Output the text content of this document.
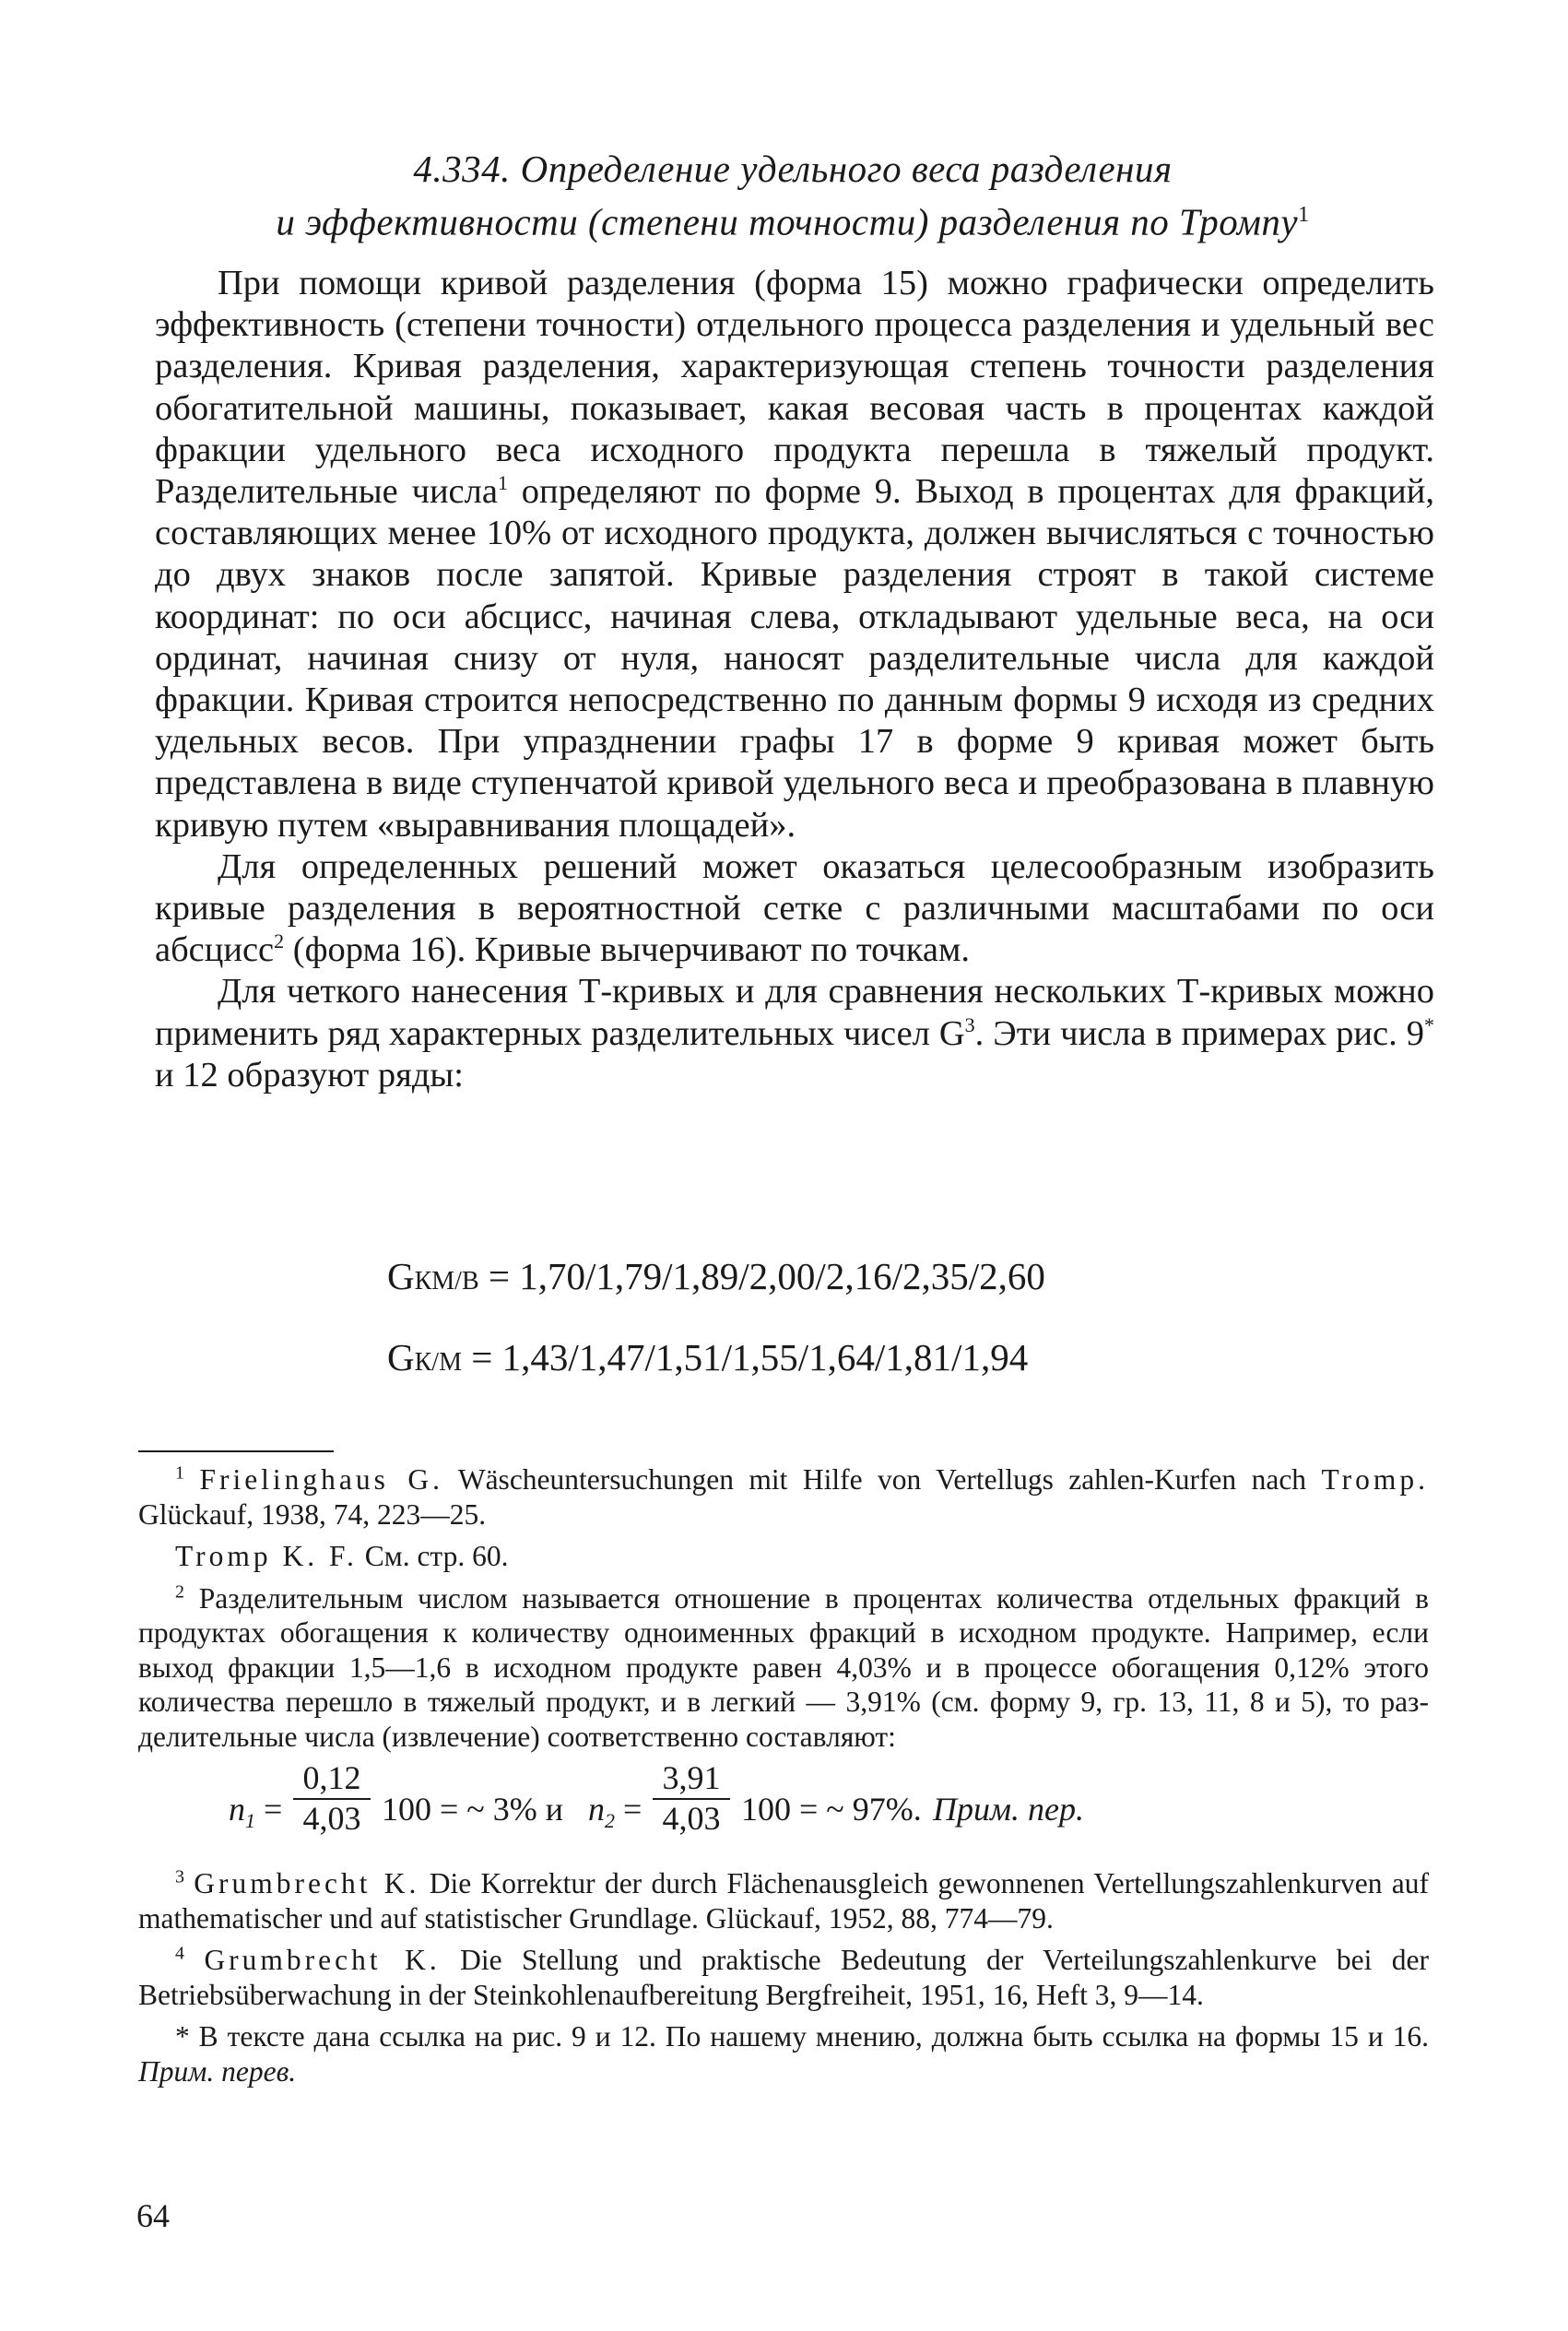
4.334. Определение удельного веса разделения
и эффективности (степени точности) разделения по Тромпу$^1$

При помощи кривой разделения (форма 15) можно графически определить эффективность (степени точности) отдельного процесса разделения и удельный вес разделения. Кривая разделения, характеризующая степень точности разделения обогатительной машины, показывает, какая весовая часть в процентах каждой фракции удельного веса исходного продукта перешла в тяжелый продукт. Разделительные числа$^1$ определяют по форме 9. Выход в процентах для фракций, составляющих менее 10% от исходного продукта, должен вычисляться с точностью до двух знаков после запятой. Кривые разделения строят в такой системе координат: по оси абсцисс, начиная слева, откладывают удельные веса, на оси ординат, начиная снизу от нуля, наносят разделительные числа для каждой фракции. Кривая строится непосредственно по данным формы 9 исходя из средних удельных весов. При упразднении графы 17 в форме 9 кривая может быть представлена в виде ступенчатой кривой удельного веса и преобразована в плавную кривую путем «выравнивания площадей».

Для определенных решений может оказаться целесообразным изобразить кривые разделения в вероятностной сетке с различными масштабами по оси абсцисс$^2$ (форма 16). Кривые вычерчивают по точкам.

Для четкого нанесения Т-кривых и для сравнения нескольких Т-кривых можно применить ряд характерных разделительных чисел $G^3$. Эти числа в примерах рис. 9* и 12 образуют ряды:

GКМ/В = 1,70/1,79/1,89/2,00/2,16/2,35/2,60
GК/М = 1,43/1,47/1,51/1,55/1,64/1,81/1,94

$^1$ Frielinghaus G. Wäscheuntersuchungen mit Hilfe von Vertellugs zahlen-Kurfen nach Tromp. Glückauf, 1938, 74, 223—25.

Tromp K. F. См. стр. 60.

$^2$ Разделительным числом называется отношение в процентах количества отдельных фракций в продуктах обогащения к количеству одноименных фракций в исходном продукте. Например, если выход фракции 1,5—1,6 в исходном продукте равен 4,03% и в процессе обогащения 0,12% этого количества перешло в тяжелый продукт, и в легкий — 3,91% (см. форму 9, гр. 13, 11, 8 и 5), то разделительные числа (извлечение) соответственно составляют:

$n_1$ =
0,12
4,03 100 = ~ 3% и $n_2$ =
3,91
4,03 100 = ~ 97%. Прим. пер.

$^3$ Grumbrecht K. Die Korrektur der durch Flächenausgleich gewonnenen Vertellungszahlenkurven auf mathematischer und auf statistischer Grundlage. Glückauf, 1952, 88, 774—79.

$^4$ Grumbrecht K. Die Stellung und praktische Bedeutung der Verteilungszahlenkurve bei der Betriebsüberwachung in der Steinkohlenaufbereitung Bergfreiheit, 1951, 16, Heft 3, 9—14.

* В тексте дана ссылка на рис. 9 и 12. По нашему мнению, должна быть ссылка на формы 15 и 16. Прим. перев.

64
